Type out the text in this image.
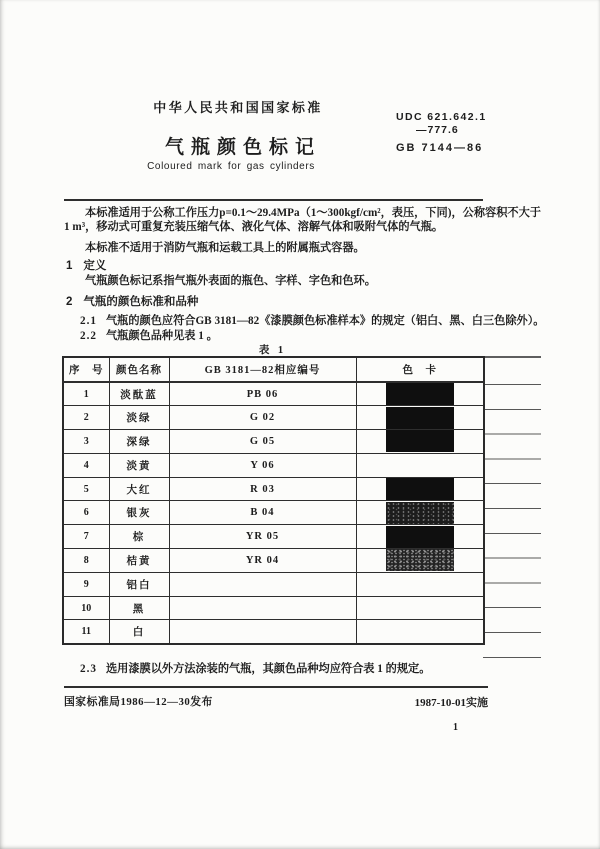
中华人民共和国国家标准
UDC 621.642.1
—777.6
GB 7144—86
气瓶颜色标记
Coloured mark for gas cylinders

本标准适用于公称工作压力p=0.1～29.4MPa（1～300kgf/cm²，表压，下同)，公称容积不大于1 m³，移动式可重复充装压缩气体、液化气体、溶解气体和吸附气体的气瓶。

本标准不适用于消防气瓶和运载工具上的附属瓶式容器。

1 定义

气瓶颜色标记系指气瓶外表面的瓶色、字样、字色和色环。

2 气瓶的颜色标准和品种

2.1 气瓶的颜色应符合GB 3181—82《漆膜颜色标准样本》的规定（铝白、黑、白三色除外）。

2.2 气瓶颜色品种见表 1 。

表 1
序　号	颜色名称	GB 3181—82相应编号	色　卡
1	淡酞蓝	PB 06	

2	淡绿	G 02	

3	深绿	G 05	

4	淡黄	Y 06	
5	大红	R 03	

6	银灰	B 04	

7	棕	YR 05	

8	桔黄	YR 04	

9	铝白		
10	黑		
11	白		

2.3 选用漆膜以外方法涂装的气瓶，其颜色品种均应符合表 1 的规定。

国家标准局1986—12—30发布	1987-10-01实施
1
